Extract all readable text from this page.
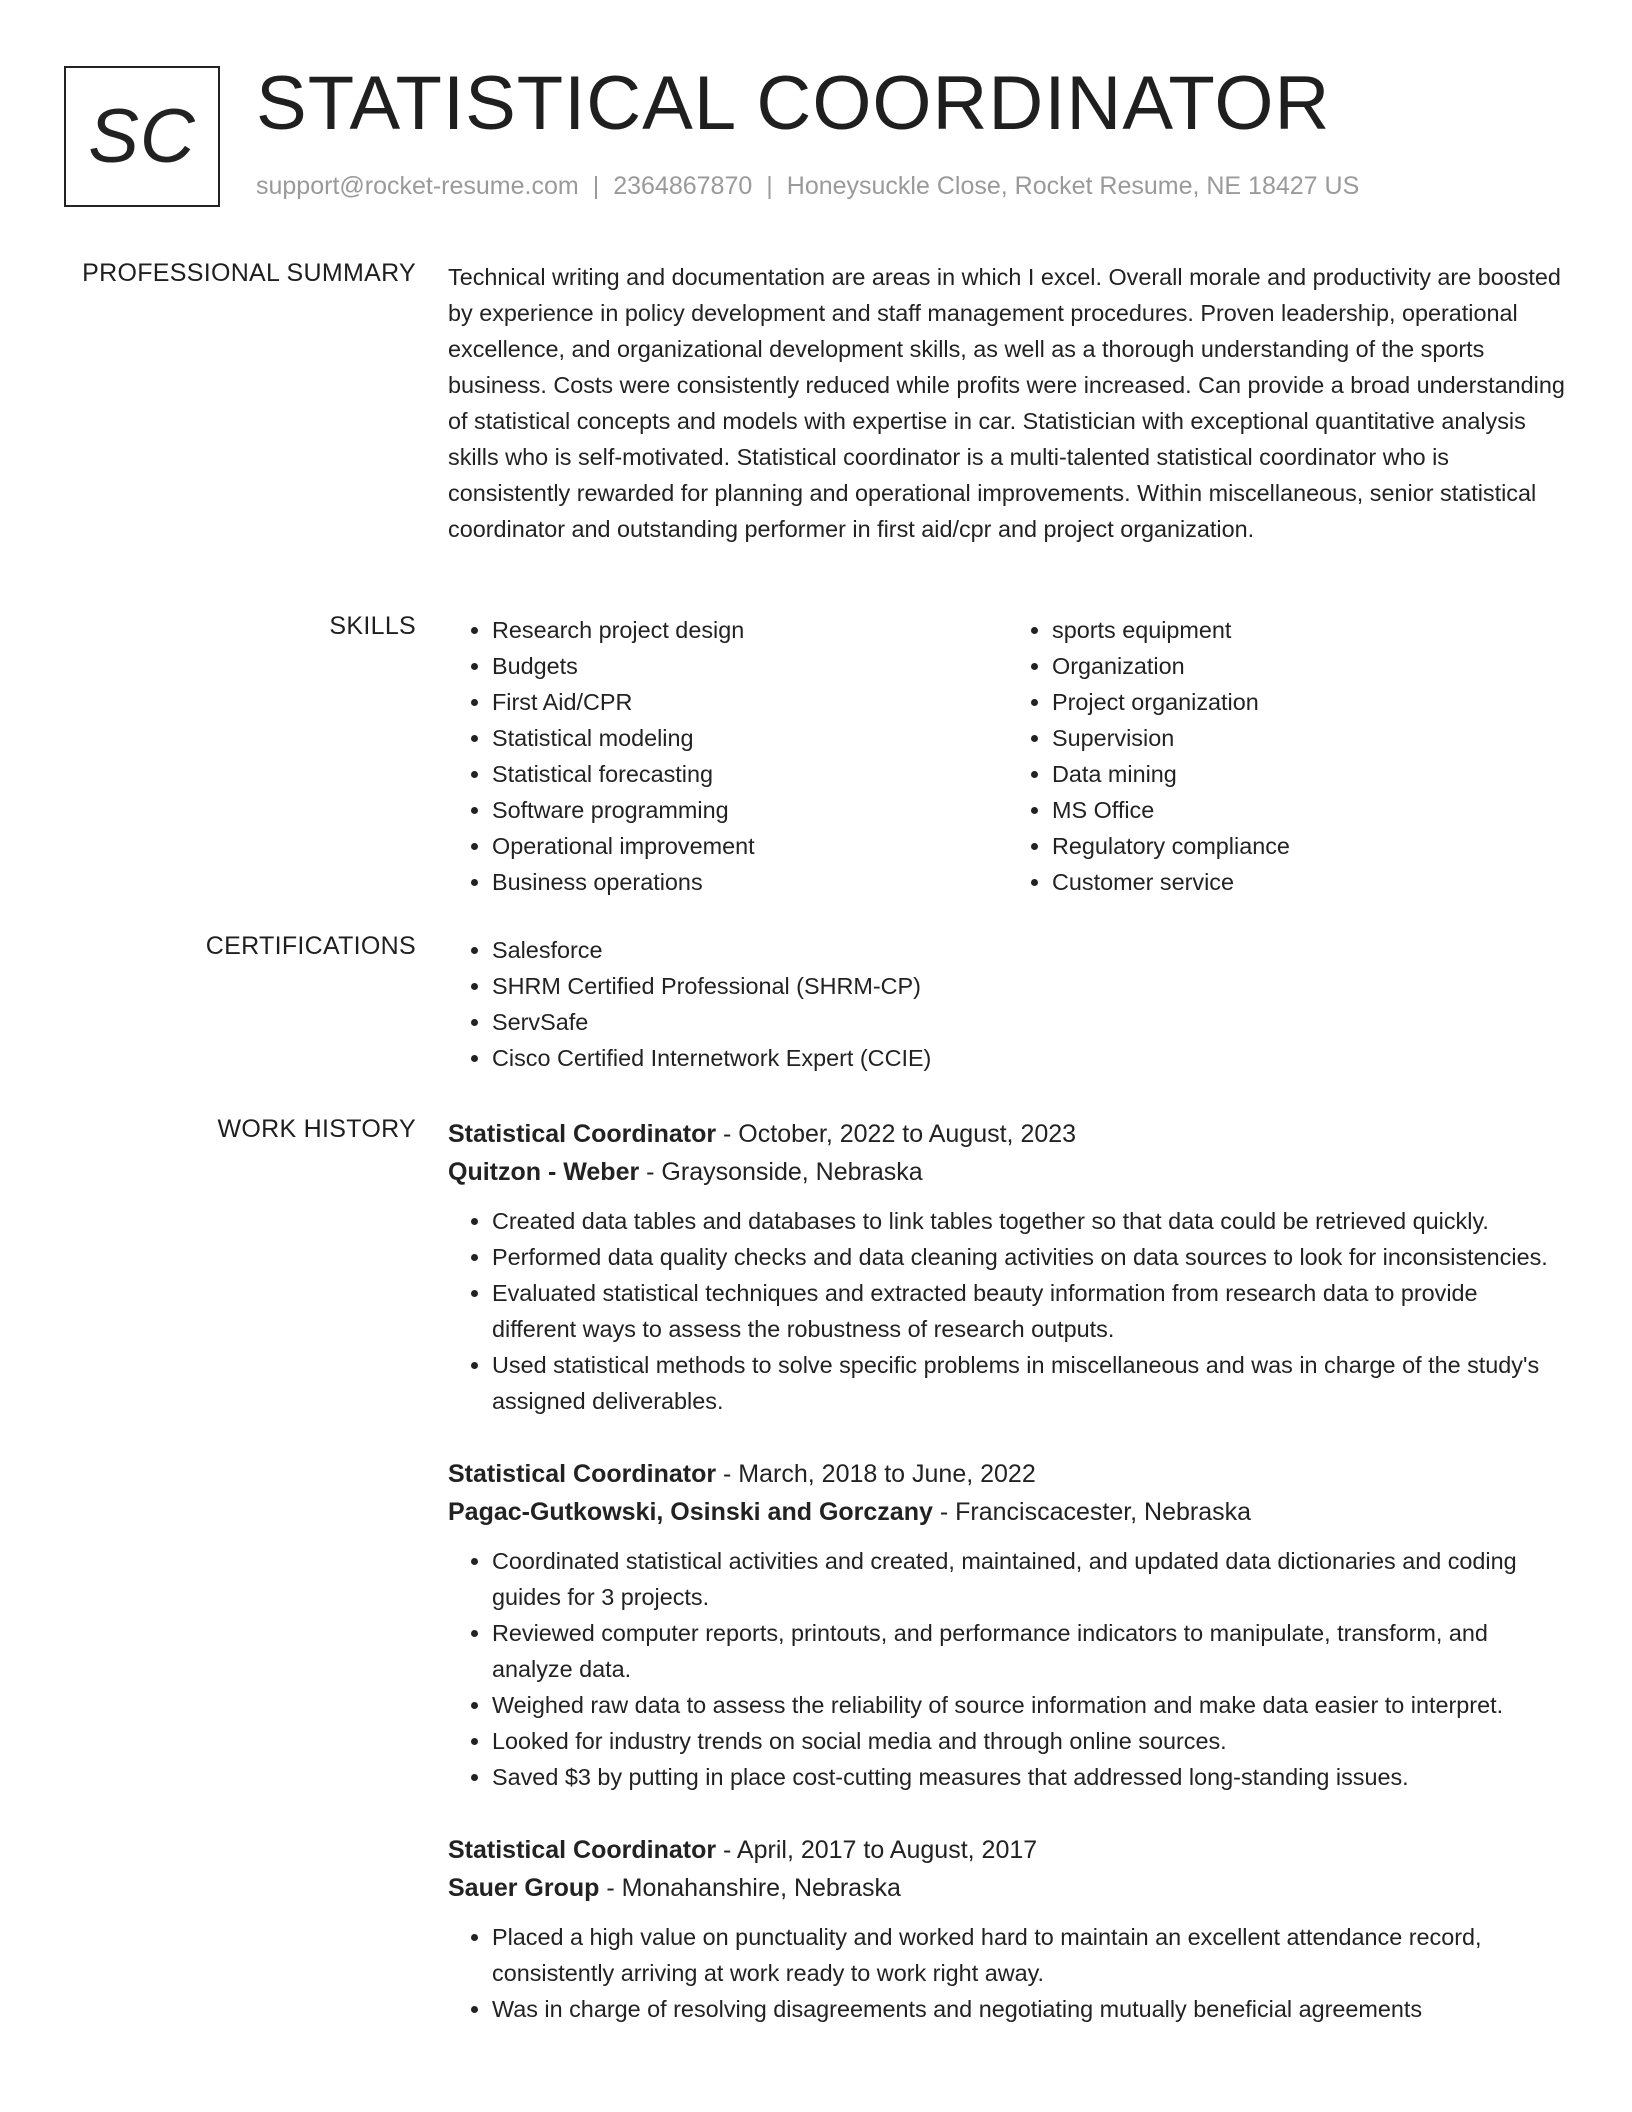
SC STATISTICAL COORDINATOR
support@rocket-resume.com | 2364867870 | Honeysuckle Close, Rocket Resume, NE 18427 US
PROFESSIONAL SUMMARY Technical writing and documentation are areas in which I excel. Overall morale and productivity are boosted by experience in policy development and staff management procedures. Proven leadership, operational excellence, and organizational development skills, as well as a thorough understanding of the sports business. Costs were consistently reduced while profits were increased. Can provide a broad understanding of statistical concepts and models with expertise in car. Statistician with exceptional quantitative analysis skills who is self-motivated. Statistical coordinator is a multi-talented statistical coordinator who is consistently rewarded for planning and operational improvements. Within miscellaneous, senior statistical coordinator and outstanding performer in first aid/cpr and project organization.

SKILLS	• Research project design
• Budgets
• First Aid/CPR
• Statistical modeling
• Statistical forecasting
• Software programming
• Operational improvement
• Business operations
• sports equipment
• Organization
• Project organization
• Supervision
• Data mining
• MS Office
• Regulatory compliance
• Customer service
CERTIFICATIONS	• Salesforce
• SHRM Certified Professional (SHRM-CP)
• ServSafe
• Cisco Certified Internetwork Expert (CCIE)
WORK HISTORY Statistical Coordinator - October, 2022 to August, 2023
Quitzon - Weber - Graysonside, Nebraska
• Created data tables and databases to link tables together so that data could be retrieved quickly.
• Performed data quality checks and data cleaning activities on data sources to look for inconsistencies.
• Evaluated statistical techniques and extracted beauty information from research data to provide different ways to assess the robustness of research outputs.
• Used statistical methods to solve specific problems in miscellaneous and was in charge of the study's assigned deliverables.
Statistical Coordinator - March, 2018 to June, 2022
Pagac-Gutkowski, Osinski and Gorczany - Franciscacester, Nebraska
• Coordinated statistical activities and created, maintained, and updated data dictionaries and coding guides for 3 projects.
• Reviewed computer reports, printouts, and performance indicators to manipulate, transform, and analyze data.
• Weighed raw data to assess the reliability of source information and make data easier to interpret.
• Looked for industry trends on social media and through online sources.
• Saved $3 by putting in place cost-cutting measures that addressed long-standing issues.
Statistical Coordinator - April, 2017 to August, 2017
Sauer Group - Monahanshire, Nebraska
• Placed a high value on punctuality and worked hard to maintain an excellent attendance record, consistently arriving at work ready to work right away.
• Was in charge of resolving disagreements and negotiating mutually beneficial agreements
